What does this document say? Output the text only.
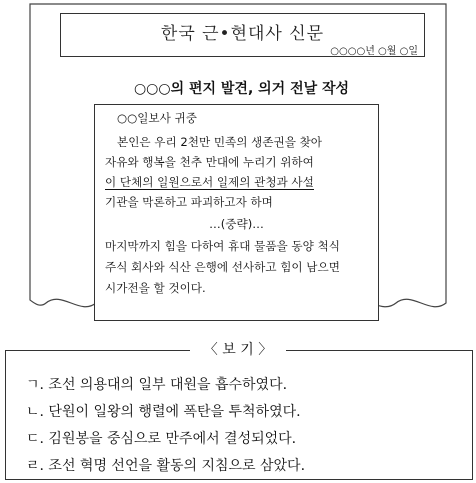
한국 근•현대사 신문
○○○○년 ○월 ○일
○○○의 편지 발견, 의거 전날 작성
○○일보사 귀중
본인은 우리 2천만 민족의 생존권을 찾아
자유와 행복을 천추 만대에 누리기 위하여
이 단체의 일원으로서 일제의 관청과 사설
기관을 막론하고 파괴하고자 하며
…(중략)…
마지막까지 힘을 다하여 휴대 물품을 동양 척식
주식 회사와 식산 은행에 선사하고 힘이 남으면
시가전을 할 것이다.
ㄱ. 조선 의용대의 일부 대원을 흡수하였다.
ㄴ. 단원이 일왕의 행렬에 폭탄을 투척하였다.
ㄷ. 김원봉을 중심으로 만주에서 결성되었다.
ㄹ. 조선 혁명 선언을 활동의 지침으로 삼았다.
〈 보 기 〉
